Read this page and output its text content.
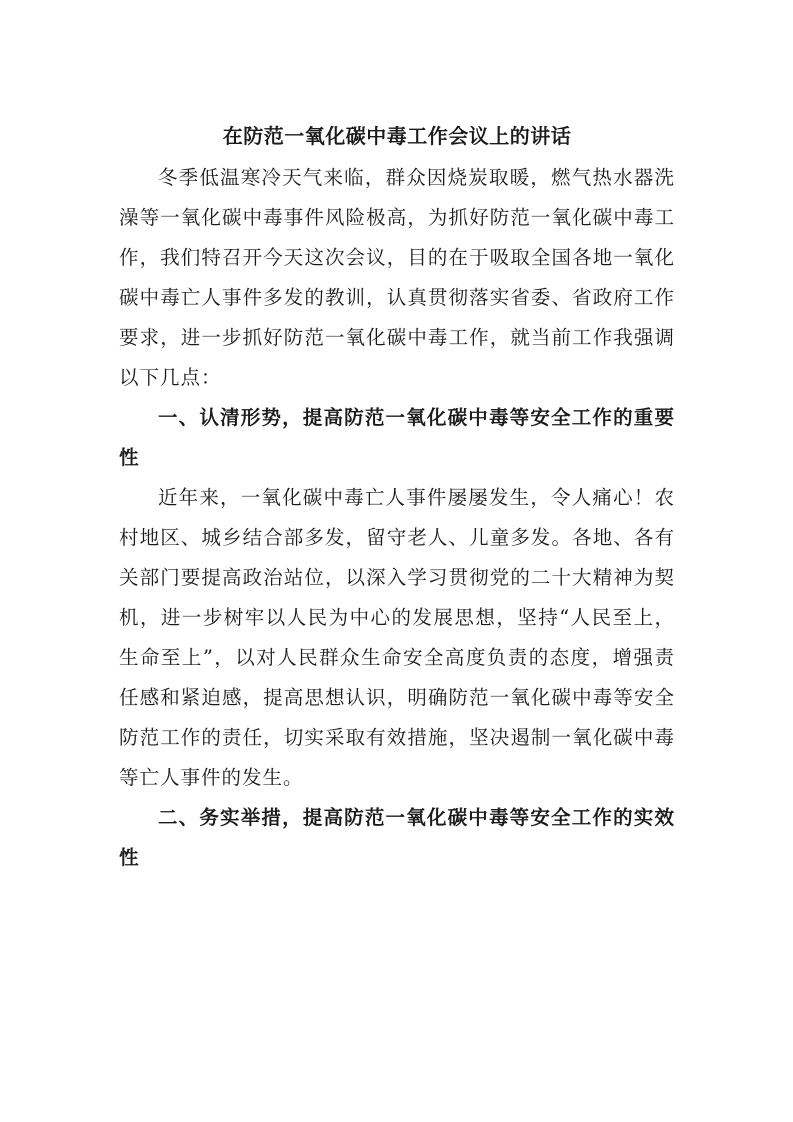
在防范一氧化碳中毒工作会议上的讲话

冬季低温寒冷天气来临，群众因烧炭取暖，燃气热水器洗澡等一氧化碳中毒事件风险极高，为抓好防范一氧化碳中毒工作，我们特召开今天这次会议，目的在于吸取全国各地一氧化碳中毒亡人事件多发的教训，认真贯彻落实省委、省政府工作要求，进一步抓好防范一氧化碳中毒工作，就当前工作我强调以下几点：

一、认清形势，提高防范一氧化碳中毒等安全工作的重要性

近年来，一氧化碳中毒亡人事件屡屡发生，令人痛心！农村地区、城乡结合部多发，留守老人、儿童多发。各地、各有关部门要提高政治站位，以深入学习贯彻党的二十大精神为契机，进一步树牢以人民为中心的发展思想，坚持“人民至上，生命至上”，以对人民群众生命安全高度负责的态度，增强责任感和紧迫感，提高思想认识，明确防范一氧化碳中毒等安全防范工作的责任，切实采取有效措施，坚决遏制一氧化碳中毒等亡人事件的发生。

二、务实举措，提高防范一氧化碳中毒等安全工作的实效性
